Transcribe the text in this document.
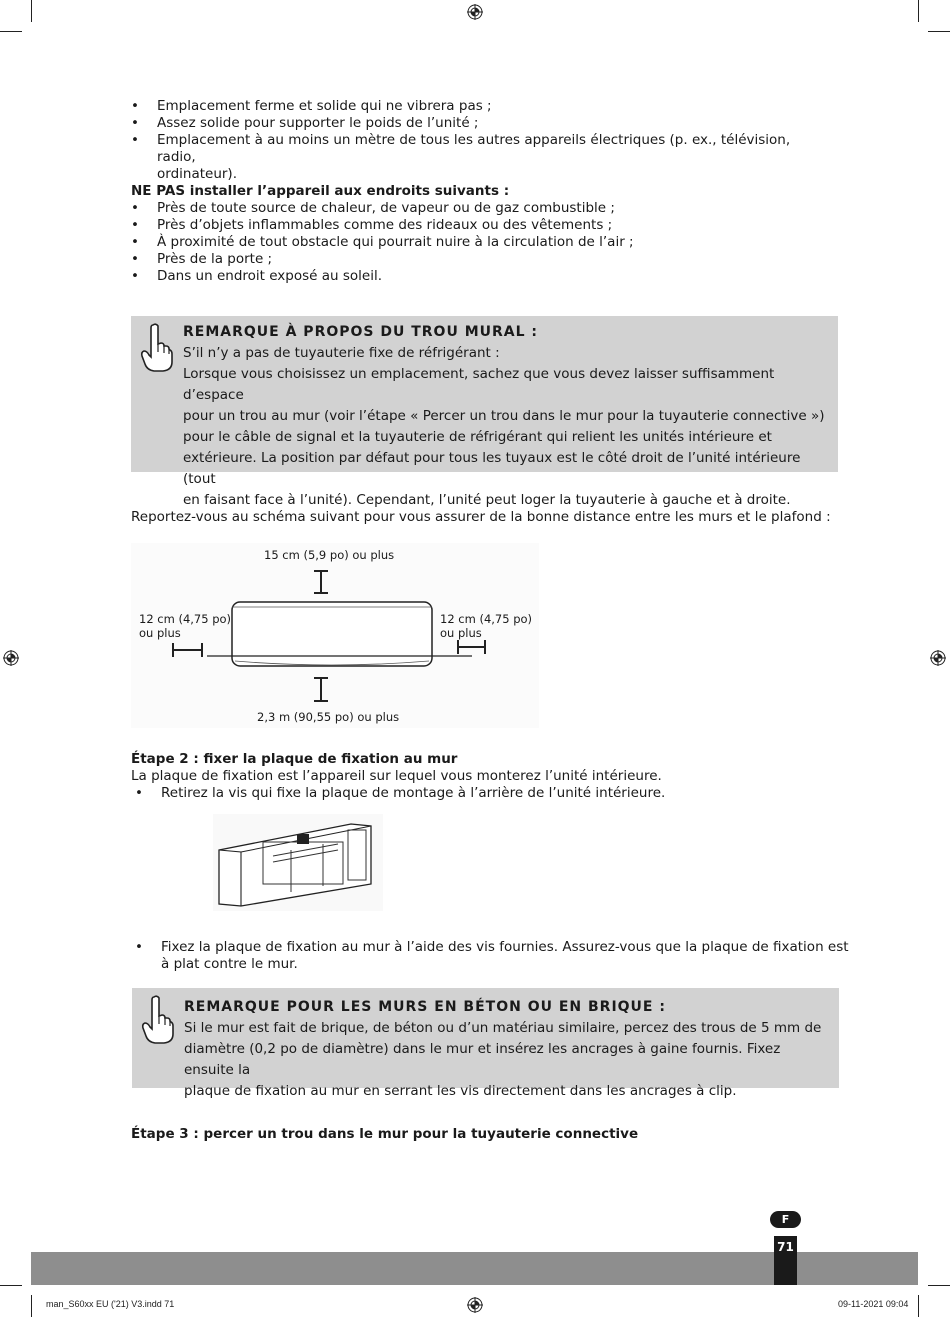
• Emplacement ferme et solide qui ne vibrera pas ;
• Assez solide pour supporter le poids de l’unité ;
• Emplacement à au moins un mètre de tous les autres appareils électriques (p. ex., télévision, radio,
ordinateur).
NE PAS installer l’appareil aux endroits suivants :
• Près de toute source de chaleur, de vapeur ou de gaz combustible ;
• Près d’objets inflammables comme des rideaux ou des vêtements ;
• À proximité de tout obstacle qui pourrait nuire à la circulation de l’air ;
• Près de la porte ;
• Dans un endroit exposé au soleil.
REMARQUE À PROPOS DU TROU MURAL :
S’il n’y a pas de tuyauterie fixe de réfrigérant :
Lorsque vous choisissez un emplacement, sachez que vous devez laisser suffisamment d’espace
pour un trou au mur (voir l’étape « Percer un trou dans le mur pour la tuyauterie connective »)
pour le câble de signal et la tuyauterie de réfrigérant qui relient les unités intérieure et
extérieure. La position par défaut pour tous les tuyaux est le côté droit de l’unité intérieure (tout
en faisant face à l’unité). Cependant, l’unité peut loger la tuyauterie à gauche et à droite.
Reportez-vous au schéma suivant pour vous assurer de la bonne distance entre les murs et le plafond :
15 cm (5,9 po) ou plus
12 cm (4,75 po)
ou plus
12 cm (4,75 po)
ou plus
2,3 m (90,55 po) ou plus
Étape 2 : fixer la plaque de fixation au mur
La plaque de fixation est l’appareil sur lequel vous monterez l’unité intérieure.
• Retirez la vis qui fixe la plaque de montage à l’arrière de l’unité intérieure.
• Fixez la plaque de fixation au mur à l’aide des vis fournies. Assurez-vous que la plaque de fixation est
à plat contre le mur.
REMARQUE POUR LES MURS EN BÉTON OU EN BRIQUE :
Si le mur est fait de brique, de béton ou d’un matériau similaire, percez des trous de 5 mm de
diamètre (0,2 po de diamètre) dans le mur et insérez les ancrages à gaine fournis. Fixez ensuite la
plaque de fixation au mur en serrant les vis directement dans les ancrages à clip.
Étape 3 : percer un trou dans le mur pour la tuyauterie connective
F
71
man_S60xx EU ('21) V3.indd 71	09-11-2021 09:04
